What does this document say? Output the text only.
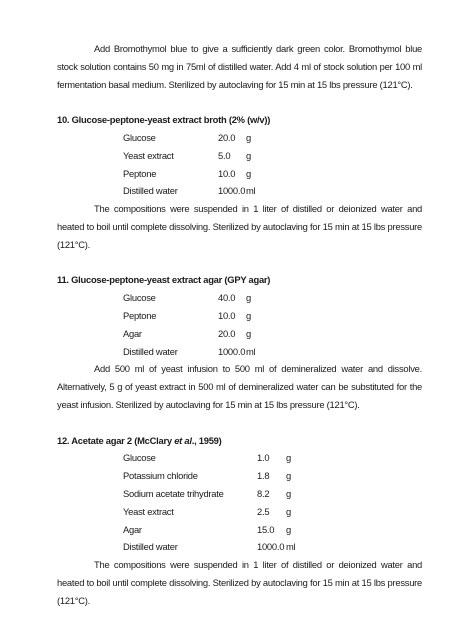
Add Bromothymol blue to give a sufficiently dark green color. Bromothymol blue stock solution contains 50 mg in 75ml of distilled water. Add 4 ml of stock solution per 100 ml fermentation basal medium. Sterilized by autoclaving for 15 min at 15 lbs pressure (121°C).

10. Glucose-peptone-yeast extract broth (2% (w/v))

Glucose	20.0	g
Yeast extract	5.0	g
Peptone	10.0	g
Distilled water	1000.0	ml

The compositions were suspended in 1 liter of distilled or deionized water and heated to boil until complete dissolving. Sterilized by autoclaving for 15 min at 15 lbs pressure (121°C).

11. Glucose-peptone-yeast extract agar (GPY agar)

Glucose	40.0	g
Peptone	10.0	g
Agar	20.0	g
Distilled water	1000.0	ml

Add 500 ml of yeast infusion to 500 ml of demineralized water and dissolve. Alternatively, 5 g of yeast extract in 500 ml of demineralized water can be substituted for the yeast infusion. Sterilized by autoclaving for 15 min at 15 lbs pressure (121°C).

12. Acetate agar 2 (McClary et al., 1959)

Glucose	1.0	g
Potassium chloride	1.8	g
Sodium acetate trihydrate	8.2	g
Yeast extract	2.5	g
Agar	15.0	g
Distilled water	1000.0	ml

The compositions were suspended in 1 liter of distilled or deionized water and heated to boil until complete dissolving. Sterilized by autoclaving for 15 min at 15 lbs pressure (121°C).
